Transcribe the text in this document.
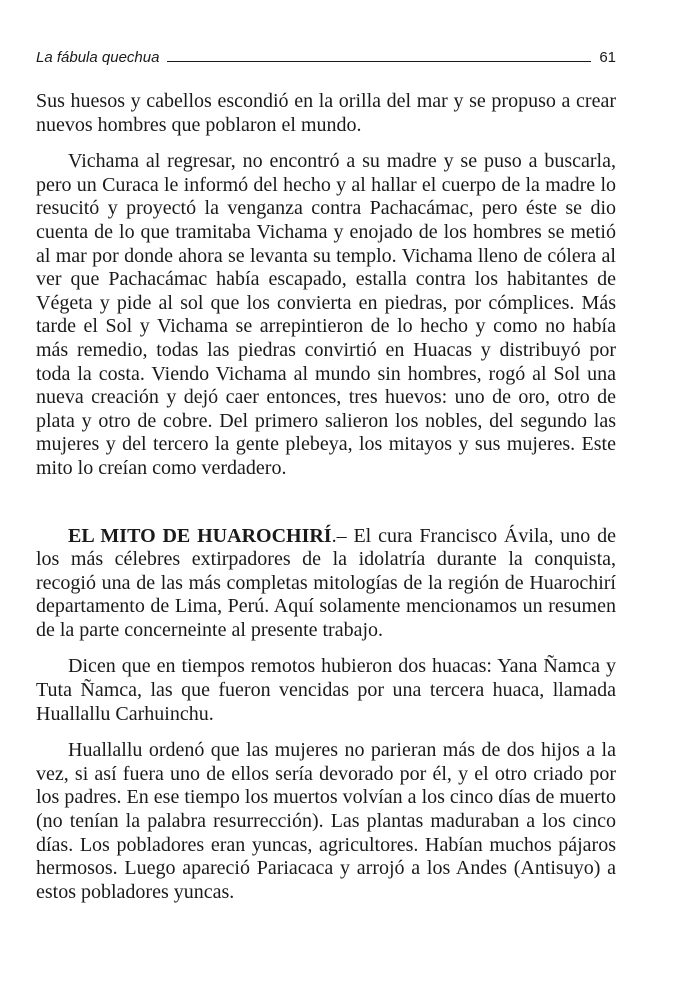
La fábula quechua	61

Sus huesos y cabellos escondió en la orilla del mar y se propuso a crear nuevos hombres que poblaron el mundo.

Vichama al regresar, no encontró a su madre y se puso a buscarla, pero un Curaca le informó del hecho y al hallar el cuerpo de la madre lo resucitó y proyectó la venganza contra Pachacámac, pero éste se dio cuenta de lo que tramitaba Vichama y enojado de los hombres se metió al mar por donde ahora se levanta su templo. Vichama lleno de cólera al ver que Pachacámac había escapado, estalla contra los habitantes de Végeta y pide al sol que los convierta en piedras, por cómplices. Más tarde el Sol y Vichama se arrepintieron de lo hecho y como no había más remedio, todas las piedras convirtió en Huacas y distribuyó por toda la costa. Viendo Vichama al mundo sin hombres, rogó al Sol una nueva creación y dejó caer entonces, tres huevos: uno de oro, otro de plata y otro de cobre. Del primero salieron los nobles, del segundo las mujeres y del tercero la gente plebeya, los mitayos y sus mujeres. Este mito lo creían como verdadero.

EL MITO DE HUAROCHIRÍ.– El cura Francisco Ávila, uno de los más célebres extirpadores de la idolatría durante la conquista, recogió una de las más completas mitologías de la región de Huarochirí departamento de Lima, Perú. Aquí solamente mencionamos un resumen de la parte concerneinte al presente trabajo.

Dicen que en tiempos remotos hubieron dos huacas: Yana Ñamca y Tuta Ñamca, las que fueron vencidas por una tercera huaca, llamada Huallallu Carhuinchu.

Huallallu ordenó que las mujeres no parieran más de dos hijos a la vez, si así fuera uno de ellos sería devorado por él, y el otro criado por los padres. En ese tiempo los muertos volvían a los cinco días de muerto (no tenían la palabra resurrección). Las plantas maduraban a los cinco días. Los pobladores eran yuncas, agricultores. Habían muchos pájaros hermosos. Luego apareció Pariacaca y arrojó a los Andes (Antisuyo) a estos pobladores yuncas.
